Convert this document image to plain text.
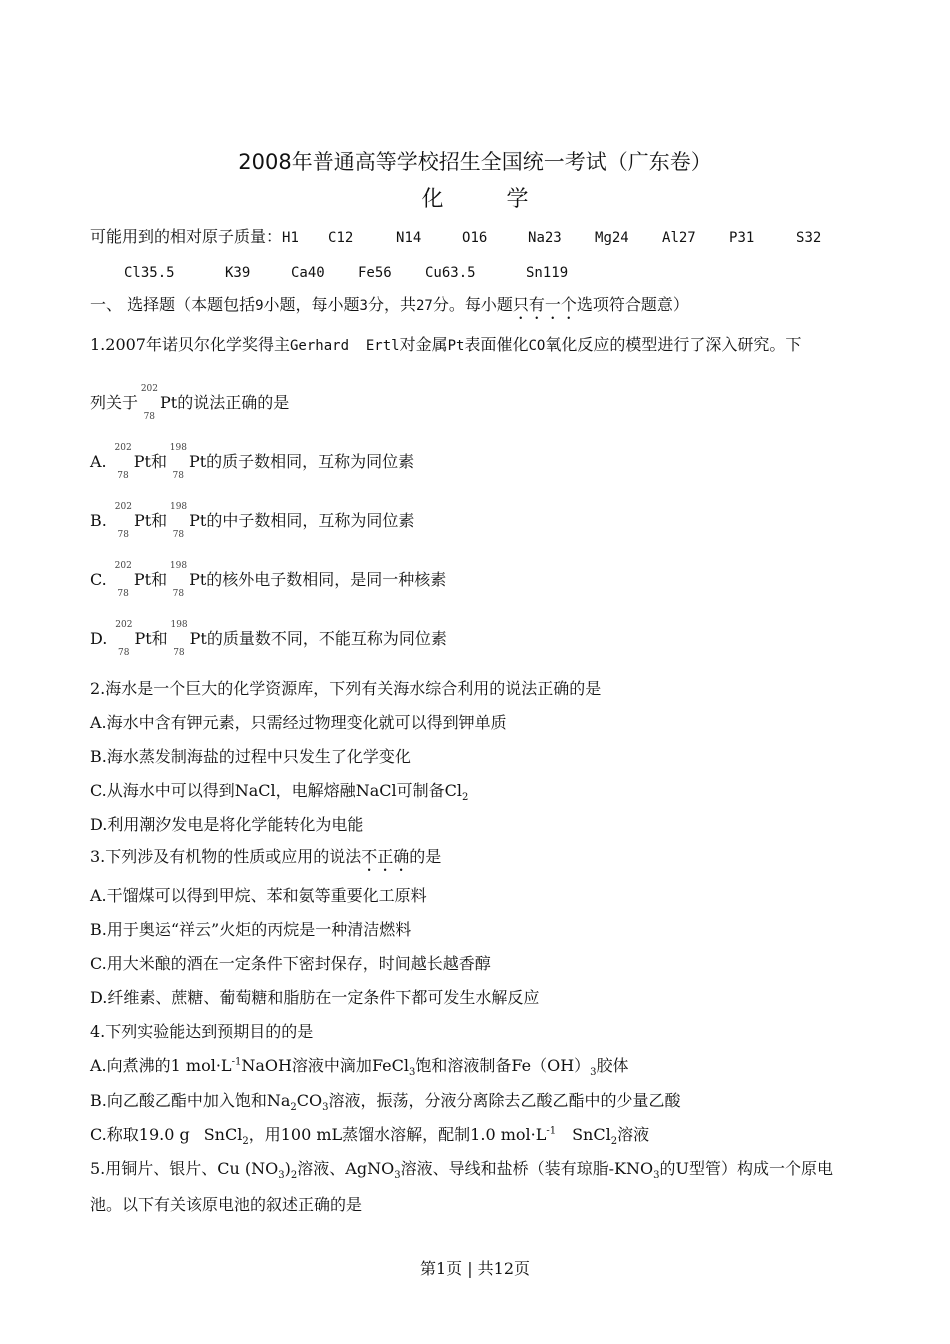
2008年普通高等学校招生全国统一考试（广东卷）
化 学
可能用到的相对原子质量：H1 C12	N14	O16	Na23 Mg24 Al27 P31	S32
Cl35.5	K39	Ca40 Fe56 Cu63.5	Sn119
一、 选择题（本题包括9小题，每小题3分，共27分。每小题只有一个选项符合题意）
1.2007年诺贝尔化学奖得主Gerhard  Ertl对金属Pt表面催化CO氧化反应的模型进行了深入研究。下
列关于
202
78
Pt的说法正确的是
A.
202
78
Pt和
198
78
Pt的质子数相同，互称为同位素
B.
202
78
Pt和
198
78
Pt的中子数相同，互称为同位素
C.
202
78
Pt和
198
78
Pt的核外电子数相同，是同一种核素
D.
202
78
Pt和
198
78
Pt的质量数不同，不能互称为同位素
2.海水是一个巨大的化学资源库，下列有关海水综合利用的说法正确的是
A.海水中含有钾元素，只需经过物理变化就可以得到钾单质
B.海水蒸发制海盐的过程中只发生了化学变化
C.从海水中可以得到NaCl，电解熔融NaCl可制备$Cl_2$
D.利用潮汐发电是将化学能转化为电能
3.下列涉及有机物的性质或应用的说法不正确的是
A.干馏煤可以得到甲烷、苯和氨等重要化工原料
B.用于奥运“祥云”火炬的丙烷是一种清洁燃料
C.用大米酿的酒在一定条件下密封保存，时间越长越香醇
D.纤维素、蔗糖、葡萄糖和脂肪在一定条件下都可发生水解反应
4.下列实验能达到预期目的的是
A.向煮沸的1 $mol\cdot L^{-1}NaOH$溶液中滴加FeCl$_3$饱和溶液制备$Fe(OH)_3$胶体
B.向乙酸乙酯中加入饱和$Na_2CO_3$溶液，振荡，分液分离除去乙酸乙酯中的少量乙酸
C.称取19.0 g SnCl$_2$，用100 mL蒸馏水溶解，配制1.0 $mol\cdot L^{-1}$ SnCl$_2$溶液
5.用铜片、银片、Cu $(NO_3)_2$溶液、AgNO$_3$溶液、导线和盐桥（装有琼脂$-KNO_3$的U型管）构成一个原电
池。以下有关该原电池的叙述正确的是
第1页 | 共12页
